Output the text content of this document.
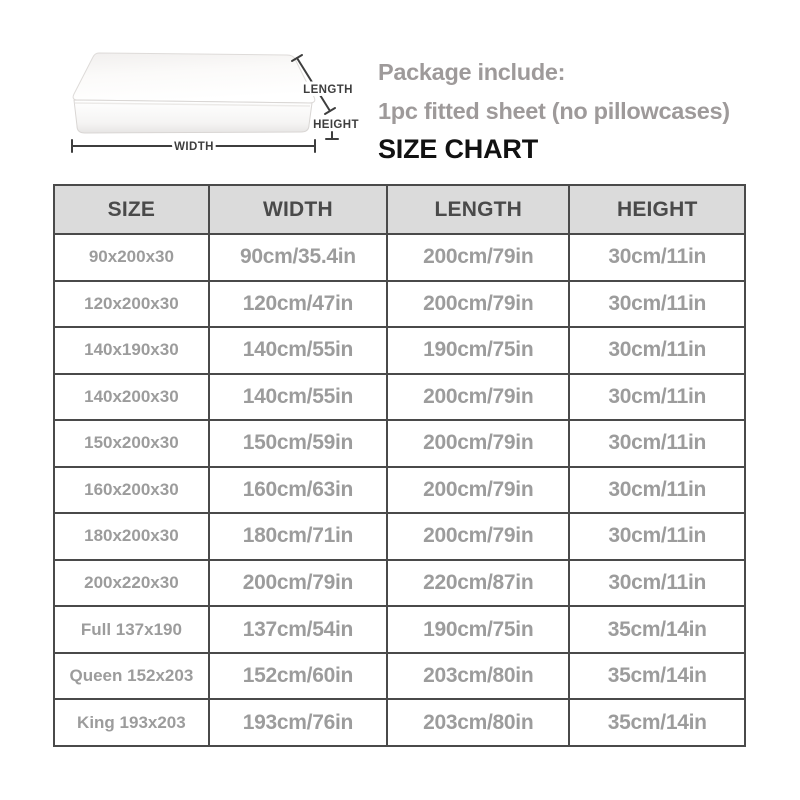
LENGTH
HEIGHT
WIDTH
Package include:
1pc fitted sheet (no pillowcases)
SIZE CHART
SIZE	WIDTH	LENGTH	HEIGHT
90x200x30	90cm/35.4in	200cm/79in	30cm/11in
120x200x30	120cm/47in	200cm/79in	30cm/11in
140x190x30	140cm/55in	190cm/75in	30cm/11in
140x200x30	140cm/55in	200cm/79in	30cm/11in
150x200x30	150cm/59in	200cm/79in	30cm/11in
160x200x30	160cm/63in	200cm/79in	30cm/11in
180x200x30	180cm/71in	200cm/79in	30cm/11in
200x220x30	200cm/79in	220cm/87in	30cm/11in
Full 137x190	137cm/54in	190cm/75in	35cm/14in
Queen 152x203	152cm/60in	203cm/80in	35cm/14in
King 193x203	193cm/76in	203cm/80in	35cm/14in
